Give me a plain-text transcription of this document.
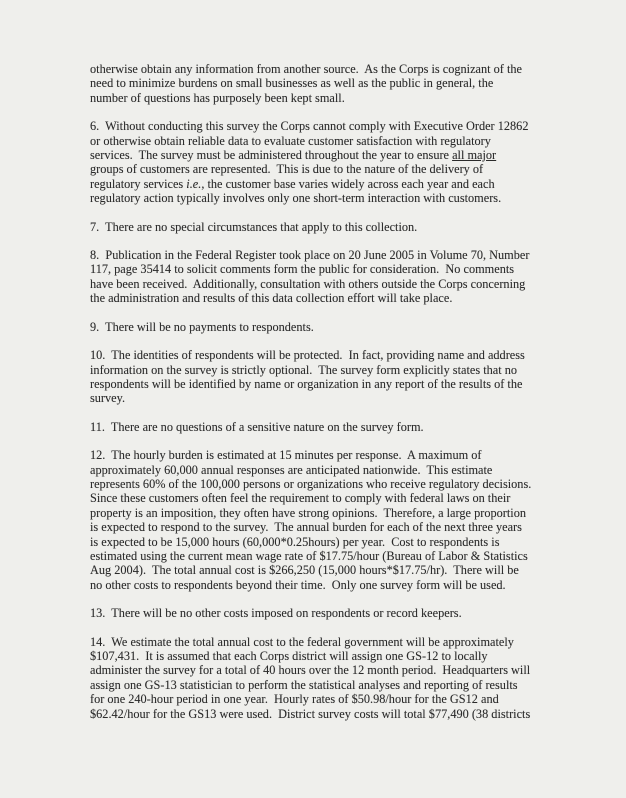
otherwise obtain any information from another source.  As the Corps is cognizant of the
need to minimize burdens on small businesses as well as the public in general, the
number of questions has purposely been kept small.

6.  Without conducting this survey the Corps cannot comply with Executive Order 12862
or otherwise obtain reliable data to evaluate customer satisfaction with regulatory
services.  The survey must be administered throughout the year to ensure all major
groups of customers are represented.  This is due to the nature of the delivery of
regulatory services i.e., the customer base varies widely across each year and each
regulatory action typically involves only one short-term interaction with customers.

7.  There are no special circumstances that apply to this collection.

8.  Publication in the Federal Register took place on 20 June 2005 in Volume 70, Number
117, page 35414 to solicit comments form the public for consideration.  No comments
have been received.  Additionally, consultation with others outside the Corps concerning
the administration and results of this data collection effort will take place.

9.  There will be no payments to respondents.

10.  The identities of respondents will be protected.  In fact, providing name and address
information on the survey is strictly optional.  The survey form explicitly states that no
respondents will be identified by name or organization in any report of the results of the
survey.

11.  There are no questions of a sensitive nature on the survey form.

12.  The hourly burden is estimated at 15 minutes per response.  A maximum of
approximately 60,000 annual responses are anticipated nationwide.  This estimate
represents 60% of the 100,000 persons or organizations who receive regulatory decisions.
Since these customers often feel the requirement to comply with federal laws on their
property is an imposition, they often have strong opinions.  Therefore, a large proportion
is expected to respond to the survey.  The annual burden for each of the next three years
is expected to be 15,000 hours (60,000*0.25hours) per year.  Cost to respondents is
estimated using the current mean wage rate of $17.75/hour (Bureau of Labor & Statistics
Aug 2004).  The total annual cost is $266,250 (15,000 hours*$17.75/hr).  There will be
no other costs to respondents beyond their time.  Only one survey form will be used.

13.  There will be no other costs imposed on respondents or record keepers.

14.  We estimate the total annual cost to the federal government will be approximately
$107,431.  It is assumed that each Corps district will assign one GS-12 to locally
administer the survey for a total of 40 hours over the 12 month period.  Headquarters will
assign one GS-13 statistician to perform the statistical analyses and reporting of results
for one 240-hour period in one year.  Hourly rates of $50.98/hour for the GS12 and
$62.42/hour for the GS13 were used.  District survey costs will total $77,490 (38 districts
